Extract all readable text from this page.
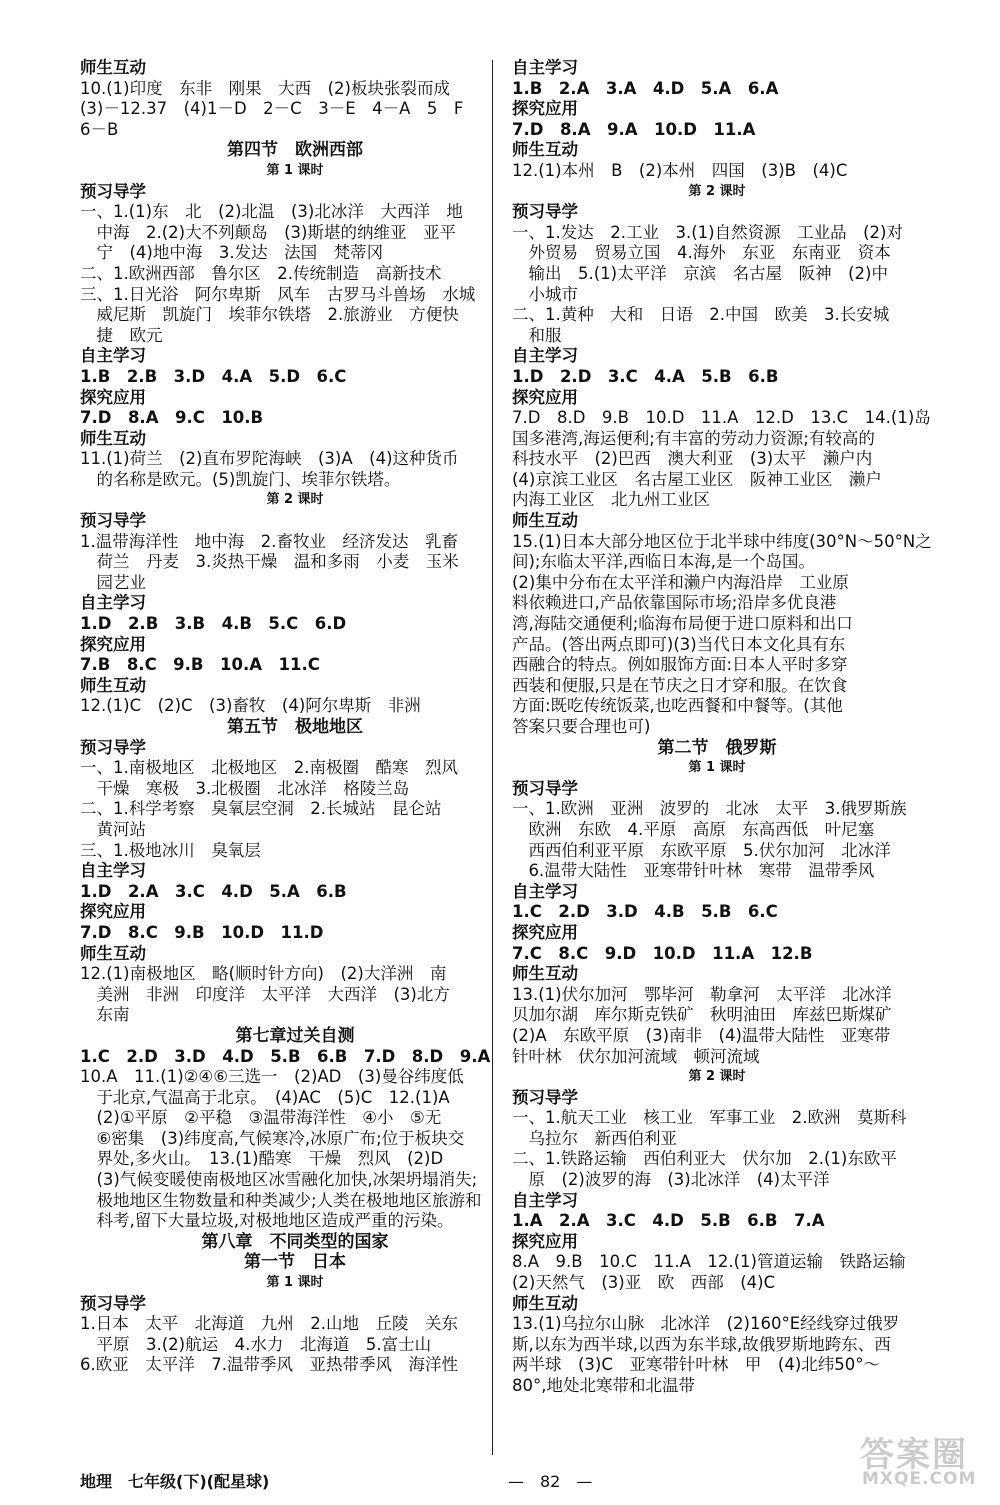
师生互动
10.(1)印度　东非　刚果　大西　(2)板块张裂而成
(3)－12.37　(4)1－D　2－C　3－E　4－A　5　F
6－B
第四节　欧洲西部
第 1 课时
预习导学
一、1.(1)东　北　(2)北温　(3)北冰洋　大西洋　地
　中海　2.(2)大不列颠岛　(3)斯堪的纳维亚　亚平
　宁　(4)地中海　3.发达　法国　梵蒂冈
二、1.欧洲西部　鲁尔区　2.传统制造　高新技术
三、1.日光浴　阿尔卑斯　风车　古罗马斗兽场　水城
　威尼斯　凯旋门　埃菲尔铁塔　2.旅游业　方便快
　捷　欧元
自主学习
1.B　2.B　3.D　4.A　5.D　6.C
探究应用
7.D　8.A　9.C　10.B
师生互动
11.(1)荷兰　(2)直布罗陀海峡　(3)A　(4)这种货币
　的名称是欧元。(5)凯旋门、埃菲尔铁塔。
第 2 课时
预习导学
1.温带海洋性　地中海　2.畜牧业　经济发达　乳畜
　荷兰　丹麦　3.炎热干燥　温和多雨　小麦　玉米
　园艺业
自主学习
1.D　2.B　3.B　4.B　5.C　6.D
探究应用
7.B　8.C　9.B　10.A　11.C
师生互动
12.(1)C　(2)C　(3)畜牧　(4)阿尔卑斯　非洲
第五节　极地地区
预习导学
一、1.南极地区　北极地区　2.南极圈　酷寒　烈风
　干燥　寒极　3.北极圈　北冰洋　格陵兰岛
二、1.科学考察　臭氧层空洞　2.长城站　昆仑站
　黄河站
三、1.极地冰川　臭氧层
自主学习
1.D　2.A　3.C　4.D　5.A　6.B
探究应用
7.D　8.C　9.B　10.D　11.D
师生互动
12.(1)南极地区　略(顺时针方向)　(2)大洋洲　南
　美洲　非洲　印度洋　太平洋　大西洋　(3)北方
　东南
第七章过关自测
1.C　2.D　3.D　4.D　5.B　6.B　7.D　8.D　9.A
10.A　11.(1)②④⑥三选一　(2)AD　(3)曼谷纬度低
　于北京,气温高于北京。　(4)AC　(5)C　12.(1)A
　(2)①平原　②平稳　③温带海洋性　④小　⑤无
　⑥密集　(3)纬度高,气候寒冷,冰原广布;位于板块交
　界处,多火山。　13.(1)酷寒　干燥　烈风　(2)D
　(3)气候变暖使南极地区冰雪融化加快,冰架坍塌消失;
　极地地区生物数量和种类减少;人类在极地地区旅游和
　科考,留下大量垃圾,对极地地区造成严重的污染。
第八章　不同类型的国家
第一节　日本
第 1 课时
预习导学
1.日本　太平　北海道　九州　2.山地　丘陵　关东
　平原　3.(2)航运　4.水力　北海道　5.富士山
6.欧亚　太平洋　7.温带季风　亚热带季风　海洋性
自主学习
1.B　2.A　3.A　4.D　5.A　6.A
探究应用
7.D　8.A　9.A　10.D　11.A
师生互动
12.(1)本州　B　(2)本州　四国　(3)B　(4)C
第 2 课时
预习导学
一、1.发达　2.工业　3.(1)自然资源　工业品　(2)对
　外贸易　贸易立国　4.海外　东亚　东南亚　资本
　输出　5.(1)太平洋　京滨　名古屋　阪神　(2)中
　小城市
二、1.黄种　大和　日语　2.中国　欧美　3.长安城
　和服
自主学习
1.D　2.D　3.C　4.A　5.B　6.B
探究应用
7.D　8.D　9.B　10.D　11.A　12.D　13.C　14.(1)岛
国多港湾,海运便利;有丰富的劳动力资源;有较高的
科技水平　(2)巴西　澳大利亚　(3)太平　濑户内
(4)京滨工业区　名古屋工业区　阪神工业区　濑户
内海工业区　北九州工业区
师生互动
15.(1)日本大部分地区位于北半球中纬度(30°N～50°N之
间);东临太平洋,西临日本海,是一个岛国。
(2)集中分布在太平洋和濑户内海沿岸　工业原
料依赖进口,产品依靠国际市场;沿岸多优良港
湾,海陆交通便利;临海布局便于进口原料和出口
产品。(答出两点即可)(3)当代日本文化具有东
西融合的特点。例如服饰方面:日本人平时多穿
西装和便服,只是在节庆之日才穿和服。在饮食
方面:既吃传统饭菜,也吃西餐和中餐等。(其他
答案只要合理也可)
第二节　俄罗斯
第 1 课时
预习导学
一、1.欧洲　亚洲　波罗的　北冰　太平　3.俄罗斯族
　欧洲　东欧　4.平原　高原　东高西低　叶尼塞
　西西伯利亚平原　东欧平原　5.伏尔加河　北冰洋
　6.温带大陆性　亚寒带针叶林　寒带　温带季风
自主学习
1.C　2.D　3.D　4.B　5.B　6.C
探究应用
7.C　8.C　9.D　10.D　11.A　12.B
师生互动
13.(1)伏尔加河　鄂毕河　勒拿河　太平洋　北冰洋
贝加尔湖　库尔斯克铁矿　秋明油田　库兹巴斯煤矿
(2)A　东欧平原　(3)南非　(4)温带大陆性　亚寒带
针叶林　伏尔加河流域　顿河流域
第 2 课时
预习导学
一、1.航天工业　核工业　军事工业　2.欧洲　莫斯科
　乌拉尔　新西伯利亚
二、1.铁路运输　西伯利亚大　伏尔加　2.(1)东欧平
　原　(2)波罗的海　(3)北冰洋　(4)太平洋
自主学习
1.A　2.A　3.C　4.D　5.B　6.B　7.A
探究应用
8.A　9.B　10.C　11.A　12.(1)管道运输　铁路运输
(2)天然气　(3)亚　欧　西部　(4)C
师生互动
13.(1)乌拉尔山脉　北冰洋　(2)160°E经线穿过俄罗
斯,以东为西半球,以西为东半球,故俄罗斯地跨东、西
两半球　(3)C　亚寒带针叶林　甲　(4)北纬50°～
80°,地处北寒带和北温带
地理　七年级(下)(配星球)	—　82　—
答案圈
MXQE.COM
